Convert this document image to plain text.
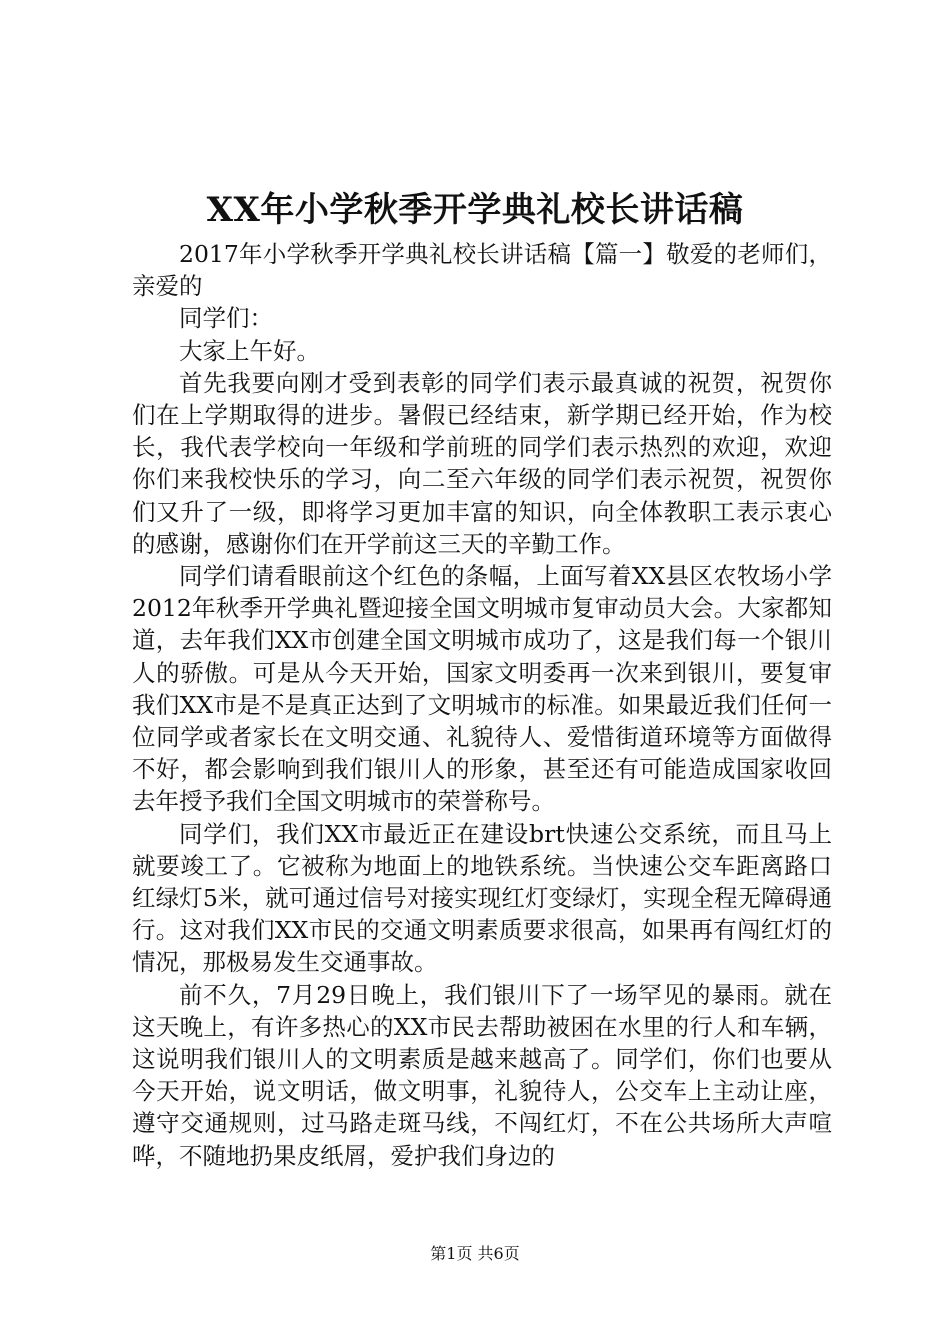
XX年小学秋季开学典礼校长讲话稿

2017年小学秋季开学典礼校长讲话稿【篇一】敬爱的老师们，亲爱的

同学们：

大家上午好。

首先我要向刚才受到表彰的同学们表示最真诚的祝贺，祝贺你们在上学期取得的进步。暑假已经结束，新学期已经开始，作为校长，我代表学校向一年级和学前班的同学们表示热烈的欢迎，欢迎你们来我校快乐的学习，向二至六年级的同学们表示祝贺，祝贺你们又升了一级，即将学习更加丰富的知识，向全体教职工表示衷心的感谢，感谢你们在开学前这三天的辛勤工作。

同学们请看眼前这个红色的条幅，上面写着XX县区农牧场小学2012年秋季开学典礼暨迎接全国文明城市复审动员大会。大家都知道，去年我们XX市创建全国文明城市成功了，这是我们每一个银川人的骄傲。可是从今天开始，国家文明委再一次来到银川，要复审我们XX市是不是真正达到了文明城市的标准。如果最近我们任何一位同学或者家长在文明交通、礼貌待人、爱惜街道环境等方面做得不好，都会影响到我们银川人的形象，甚至还有可能造成国家收回去年授予我们全国文明城市的荣誉称号。

同学们，我们XX市最近正在建设brt快速公交系统，而且马上就要竣工了。它被称为地面上的地铁系统。当快速公交车距离路口红绿灯5米，就可通过信号对接实现红灯变绿灯，实现全程无障碍通行。这对我们XX市民的交通文明素质要求很高，如果再有闯红灯的情况，那极易发生交通事故。

前不久，7月29日晚上，我们银川下了一场罕见的暴雨。就在这天晚上，有许多热心的XX市民去帮助被困在水里的行人和车辆，这说明我们银川人的文明素质是越来越高了。同学们，你们也要从今天开始，说文明话，做文明事，礼貌待人，公交车上主动让座，遵守交通规则，过马路走斑马线，不闯红灯，不在公共场所大声喧哗，不随地扔果皮纸屑，爱护我们身边的

第1页 共6页
